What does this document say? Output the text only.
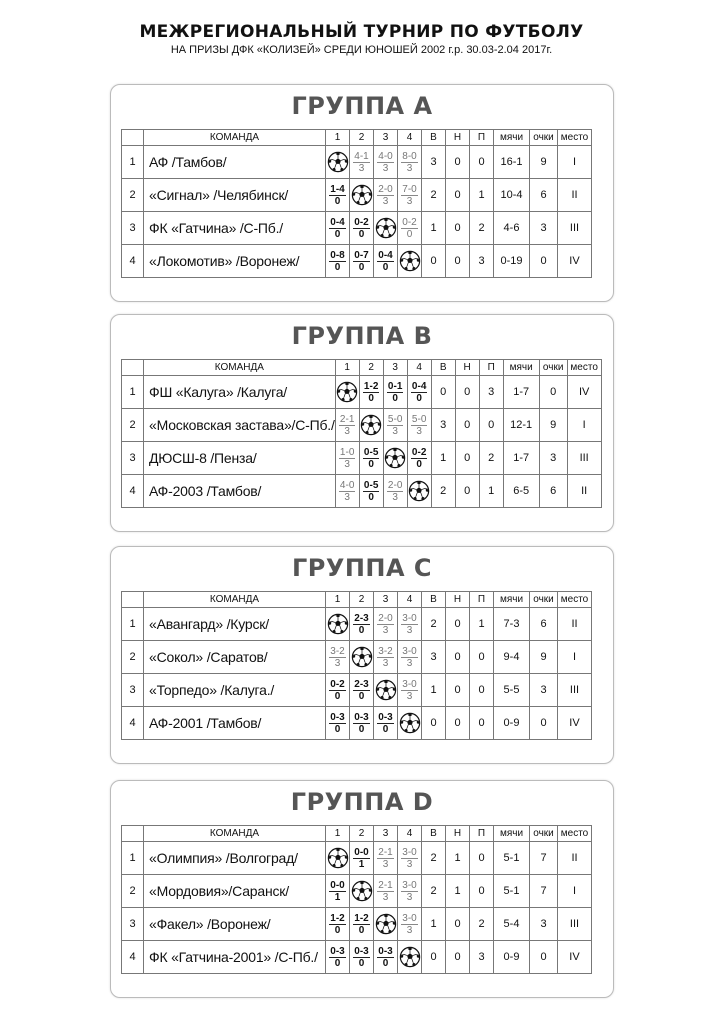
МЕЖРЕГИОНАЛЬНЫЙ ТУРНИР ПО ФУТБОЛУ
НА ПРИЗЫ ДФК «КОЛИЗЕЙ» СРЕДИ ЮНОШЕЙ 2002 г.р. 30.03-2.04 2017г.
ГРУППА А
	КОМАНДА	1	2	3	4	В	Н	П	мячи	очки	место
1	АФ /Тамбов/		$\frac{4-1}{3}$	$\frac{4-0}{3}$	$\frac{8-0}{3}$	3	0	0	16-1	9	I
2	«Сигнал» /Челябинск/	$\frac{1-4}{0}$		$\frac{2-0}{3}$	$\frac{7-0}{3}$	2	0	1	10-4	6	II
3	ФК «Гатчина» /С-Пб./	$\frac{0-4}{0}$	$\frac{0-2}{0}$		$\frac{0-2}{0}$	1	0	2	4-6	3	III
4	«Локомотив» /Воронеж/	$\frac{0-8}{0}$	$\frac{0-7}{0}$	$\frac{0-4}{0}$		0	0	3	0-19	0	IV
ГРУППА В
	КОМАНДА	1	2	3	4	В	Н	П	мячи	очки	место
1	ФШ «Калуга» /Калуга/		$\frac{1-2}{0}$	$\frac{0-1}{0}$	$\frac{0-4}{0}$	0	0	3	1-7	0	IV
2	«Московская застава»/С-Пб./	$\frac{2-1}{3}$		$\frac{5-0}{3}$	$\frac{5-0}{3}$	3	0	0	12-1	9	I
3	ДЮСШ-8 /Пенза/	$\frac{1-0}{3}$	$\frac{0-5}{0}$		$\frac{0-2}{0}$	1	0	2	1-7	3	III
4	АФ-2003 /Тамбов/	$\frac{4-0}{3}$	$\frac{0-5}{0}$	$\frac{2-0}{3}$		2	0	1	6-5	6	II
ГРУППА С
	КОМАНДА	1	2	3	4	В	Н	П	мячи	очки	место
1	«Авангард» /Курск/		$\frac{2-3}{0}$	$\frac{2-0}{3}$	$\frac{3-0}{3}$	2	0	1	7-3	6	II
2	«Сокол» /Саратов/	$\frac{3-2}{3}$		$\frac{3-2}{3}$	$\frac{3-0}{3}$	3	0	0	9-4	9	I
3	«Торпедо» /Калуга./	$\frac{0-2}{0}$	$\frac{2-3}{0}$		$\frac{3-0}{3}$	1	0	0	5-5	3	III
4	АФ-2001 /Тамбов/	$\frac{0-3}{0}$	$\frac{0-3}{0}$	$\frac{0-3}{0}$		0	0	0	0-9	0	IV
ГРУППА D
	КОМАНДА	1	2	3	4	В	Н	П	мячи	очки	место
1	«Олимпия» /Волгоград/		$\frac{0-0}{1}$	$\frac{2-1}{3}$	$\frac{3-0}{3}$	2	1	0	5-1	7	II
2	«Мордовия»/Саранск/	$\frac{0-0}{1}$		$\frac{2-1}{3}$	$\frac{3-0}{3}$	2	1	0	5-1	7	I
3	«Факел» /Воронеж/	$\frac{1-2}{0}$	$\frac{1-2}{0}$		$\frac{3-0}{3}$	1	0	2	5-4	3	III
4	ФК «Гатчина-2001» /С-Пб./	$\frac{0-3}{0}$	$\frac{0-3}{0}$	$\frac{0-3}{0}$		0	0	3	0-9	0	IV
